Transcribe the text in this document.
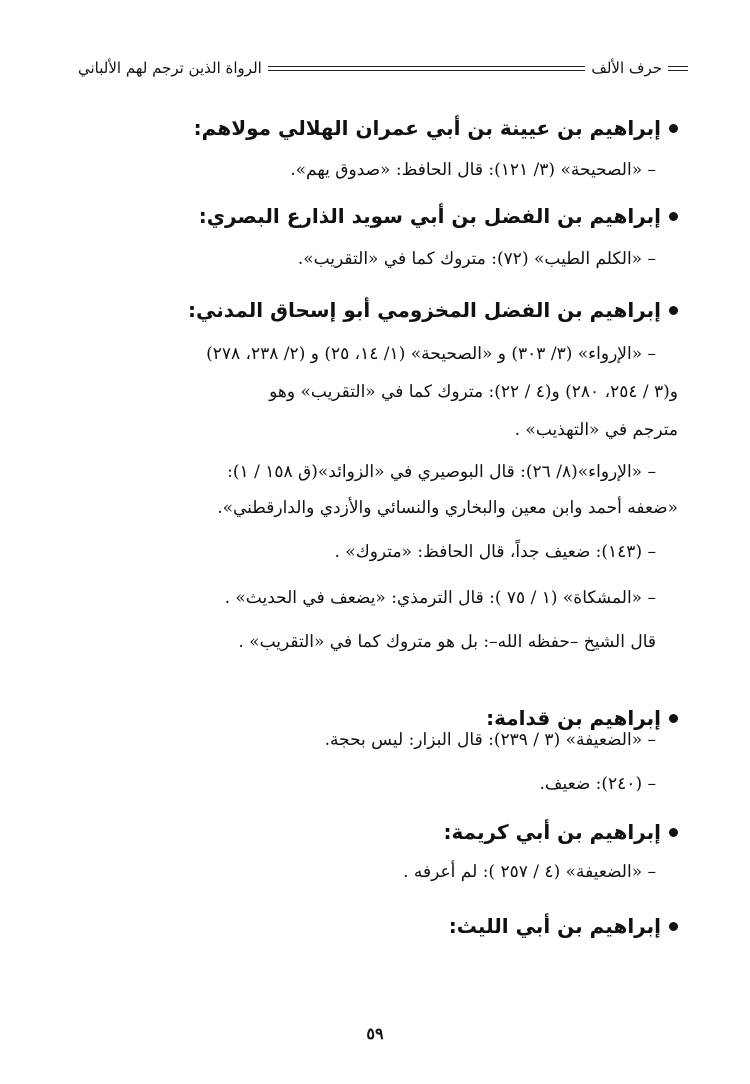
حرف الألف
الرواة الذين ترجم لهم الألباني
إبراهيم بن عيينة بن أبي عمران الهلالي مولاهم:
– «الصحيحة» (٣/ ١٢١): قال الحافظ: «صدوق يهم».
إبراهيم بن الفضل بن أبي سويد الذارع البصري:
– «الكلم الطيب» (٧٢): متروك كما في «التقريب».
إبراهيم بن الفضل المخزومي أبو إسحاق المدني:
– «الإرواء» (٣/ ٣٠٣) و «الصحيحة» (١/ ١٤، ٢٥) و (٢/ ٢٣٨، ٢٧٨)
و(٣ / ٢٥٤، ٢٨٠) و(٤ / ٢٢): متروك كما في «التقريب» وهو
مترجم في «التهذيب» .
– «الإرواء»(٨/ ٢٦): قال البوصيري في «الزوائد»(ق ١٥٨ / ١):
«ضعفه أحمد وابن معين والبخاري والنسائي والأزدي والدارقطني».
– (١٤٣): ضعيف جداً، قال الحافظ: «متروك» .
– «المشكاة» (١ / ٧٥ ): قال الترمذي: «يضعف في الحديث» .
قال الشيخ –حفظه الله–: بل هو متروك كما في «التقريب» .
إبراهيم بن قدامة:
– «الضعيفة» (٣ / ٢٣٩): قال البزار: ليس بحجة.
– (٢٤٠): ضعيف.
إبراهيم بن أبي كريمة:
– «الضعيفة» (٤ / ٢٥٧ ): لم أعرفه .
إبراهيم بن أبي الليث:
٥٩
